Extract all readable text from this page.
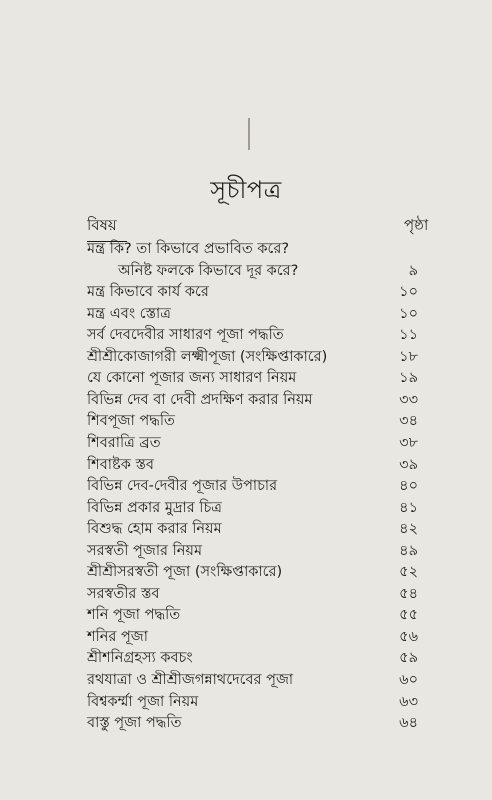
সূচীপত্র
বিষয়	পৃষ্ঠা
মন্ত্র কি? তা কিভাবে প্রভাবিত করে?
অনিষ্ট ফলকে কিভাবে দূর করে?	৯
মন্ত্র কিভাবে কার্য করে	১০
মন্ত্র এবং স্তোত্র	১০
সর্ব দেবদেবীর সাধারণ পূজা পদ্ধতি	১১
শ্রীশ্রীকোজাগরী লক্ষ্মীপূজা (সংক্ষিপ্তাকারে)	১৮
যে কোনো পূজার জন্য সাধারণ নিয়ম	১৯
বিভিন্ন দেব বা দেবী প্রদক্ষিণ করার নিয়ম	৩৩
শিবপূজা পদ্ধতি	৩৪
শিবরাত্রি ব্রত	৩৮
শিবাষ্টক স্তব	৩৯
বিভিন্ন দেব-দেবীর পূজার উপাচার	৪০
বিভিন্ন প্রকার মুদ্রার চিত্র	৪১
বিশুদ্ধ হোম করার নিয়ম	৪২
সরস্বতী পূজার নিয়ম	৪৯
শ্রীশ্রীসরস্বতী পূজা (সংক্ষিপ্তাকারে)	৫২
সরস্বতীর স্তব	৫৪
শনি পূজা পদ্ধতি	৫৫
শনির পূজা	৫৬
শ্রীশনিগ্রহস্য কবচং	৫৯
রথযাত্রা ও শ্রীশ্রীজগন্নাথদেবের পূজা	৬০
বিশ্বকর্ম্মা পূজা নিয়ম	৬৩
বাস্তু পূজা পদ্ধতি	৬৪
